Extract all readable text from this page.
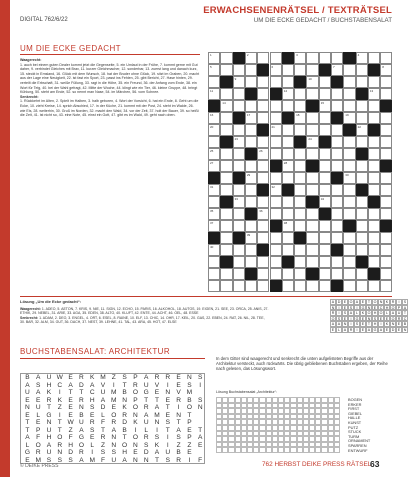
ERWACHSENENRÄTSEL / TEXTRÄTSEL
UM DIE ECKE GEDACHT / BUCHSTABENSALAT
DIGITAL 762/6/22
UM DIE ECKE GEDACHT
Waagerecht:
1. auch bei einem guten Dealer kommt jetzt die Gegenseite, 5. ein Umlaut in der Frühe, 7. kommt gerne mit Gut daher, 9. verbindet Gleiches mit Brav, 11. kurzer Gleichmacher, 12. sonderbar, 13. zuerst lang und danach kurz, 15. steckt in Emsland, 16. Glück mit dem Wunsch, 18. hat der Bruder ohne Glück, 19. sitzt im Graben, 20. macht aus der Lage eine Neuigkeit, 22. ist fast ein Sport, 23. passt ins Fehlen, 25. gibt Bericht, 27. Hase hinten, 29. verteilt die Erbschaft, 31. weiße Füllung, 33. ragt in die Höhe, 35. ein Freund, 36. der Anfang vom Ende, 38. ein Wort für Teig, 40. bei der Wahl gefragt, 42. Mitte der Woche, 44. klingt wie ein Tier, 46. kleine Gruppe, 48. bringt Kühlung, 50. steht am Ende, 52. so nennt man Nase, 54. im Märchen, 56. vom Schnee.
Senkrecht:
1. Rückkehrt im Alten, 2. Spielt im Halben, 3. halb geboren, 4. Wort der Vorsicht, 6. hat ein Ende, 8. Geht um die Ecke, 10. zieht Kreise, 14. sprich Abschied, 17. in der Küche, 21. kommt mit der Post, 24. steht im Walde, 26. wie Eis, 28. weiterhin, 30. Gruß im Norden, 32. macht den Wald, 34. vor der Zeit, 37. holt der Bauer, 39. so heißt die Zeit, 41. ist nicht so, 43. eine Note, 45. einst ein Gott, 47. gibt es im Wald, 49. geht nach oben.
1	2	3	4
5	6	7	8
9	10
11	12	13
14	15
16	17	18	19
20	21	22
23	24
25	26
27	28
29	30
31	32
33	34
35	36
37	38
39
40
Lösung „Um die Ecke gedacht“:
Waagerecht: 1. ADEO, 5. AETON, 7. KRIS, 9. NIE, 11. SIGN, 12. ECHO, 15. PARIS, 16. ALKOHOL, 18. AUTOS, 19. EIGEN, 21. SEE, 23. ORCA, 25. ANIS, 27. ETHIK, 29. NEBEL, 31. ARIE, 33. AGA, 35. EDEN, 38. ALTO, 40. KLUFT, 42. ENTE, 44. ACHT, 46. OEL, 48. ESSE
Senkrecht: 1. ADAM, 2. DEO, 3. ENGEL, 4. ORT, 6. ESEL, 8. RAINE, 10. ELF, 13. CHIC, 14. OHR, 17. KEIL, 20. GAS, 22. EBEN, 24. RAT, 26. NIL, 28. TEE, 30. BAR, 32. ALM, 34. GUT, 36. DACH, 37. NEST, 39. LEHNE, 41. TAL, 43. ARA, 45. HOT, 47. ELSE
A D E O A E	T O N K R	I	S
N	I	E S	I	G N E C H O P A
R	I	S A	L	K O H O	L	A U T
O S E	I	G E N S E E O R C
A A N	I	S E	T H	I	K N E B
E	L	A R	I	E A G A E D E N
BUCHSTABENSALAT: ARCHITEKTUR
B A U W E R K M Z S P A R R E N S
A S H C A D A V	I	T R U V	I	E S	I
U A K	I	T	T C U M B O G E N V M
E E R K E R H A M N P T	T E R B S
N U T	Z E N S D E K O R A T	I	O N
E	L G	I	E B E	L O R N A M E N T
T E N T W U R F R D K U N S T P
T P U T	Z A S T A B	I	L	I	T A E T
A F H O F G E R N T O R S	I	S P A
L O A R H O L	Z N O N S K	I	Z	Z E
G R U N D R	I	S S H E D A U B E
E M S S S A M F U A N N T S R	I	F
In dem Gitter sind waagerecht und senkrecht die unten aufgelisteten Begriffe aus der Architektur versteckt, auch rückwärts. Die übrig gebliebenen Buchstaben ergeben, der Reihe nach gelesen, das Lösungswort.
Lösung Buchstabensalat „Architektur“:
BOGEN
ERKER
FIRST
GIEBEL
HALLE
KUNST
PUTZ
STUCK
TURM
ORNAMENT
SPARREN
ENTWURF
© DEIKE PRESS	762 HERBST DEIKE PRESS RÄTSEL
63
